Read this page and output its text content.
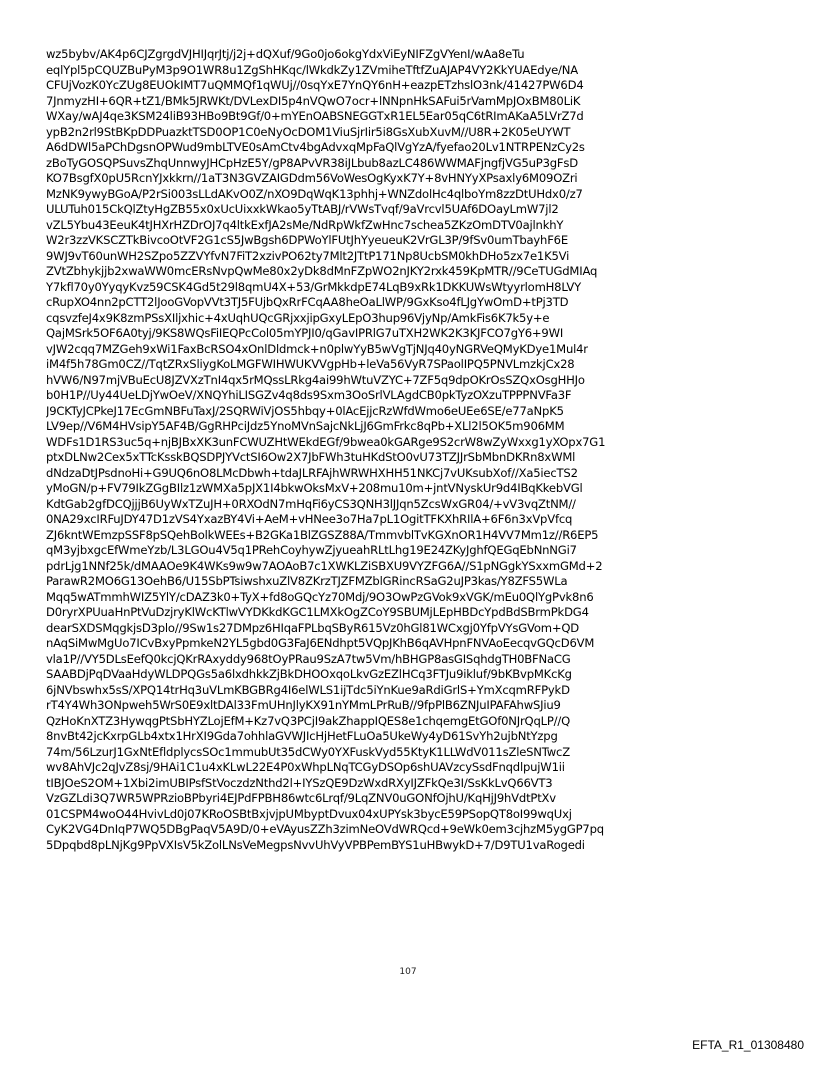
wz5bybv/AK4p6CJZgrgdVJHIJqrJtj/j2j+dQXuf/9Go0jo6okgYdxViEyNIFZgVYenI/wAa8eTu
eqlYpl5pCQUZBuPyM3p9O1WR8u1ZgShHKqc/lWkdkZy1ZVmiheTftfZuAJAP4VY2KkYUAEdye/NA
CFUjVozK0YcZUg8EUOkIMT7uQMMQf1qWUj//0sqYxE7YnQY6nH+eazpETzhslO3nk/41427PW6D4
7JnmyzHI+6QR+tZ1/BMk5JRWKt/DVLexDI5p4nVQwO7ocr+lNNpnHkSAFui5rVamMpJOxBM80LiK
WXay/wAJ4qe3KSM24liB93HBo9Bt9Gf/0+mYEnOABSNEGGTxR1EL5Ear05qC6tRImAKaA5LVrZ7d
ypB2n2rl9StBKpDDPuazktTSD0OP1C0eNyOcDOM1ViuSjrIir5i8GsXubXuvM//U8R+2K05eUYWT
A6dDWl5aPChDgsnOPWud9mbLTVE0sAmCtv4bgAdvxqMpFaQlVgYzA/fyefao20Lv1NTRPENzCy2s
zBoTyGOSQPSuvsZhqUnnwyJHCpHzE5Y/gP8APvVR38iJLbub8azLC486WWMAFjngfjVG5uP3gFsD
KO7BsgfX0pU5RcnYJxkkrn//1aT3N3GVZAIGDdm56VoWesOgKyxK7Y+8vHNYyXPsaxly6M09OZri
MzNK9ywyBGoA/P2rSi003sLLdAKvO0Z/nXO9DqWqK13phhj+WNZdolHc4qlboYm8zzDtUHdx0/z7
ULUTuh015CkQlZtyHgZB55x0xUcUixxkWkao5yTtABJ/rVWsTvqf/9aVrcvl5UAf6DOayLmW7jl2
vZL5Ybu43EeuK4tJHXrHZDrOJ7q4ltkExfJA2sMe/NdRpWkfZwHnc7schea5ZKzOmDTV0ajlnkhY
W2r3zzVKSCZTkBivcoOtVF2G1cS5JwBgsh6DPWoYlFUtJhYyeueuK2VrGL3P/9fSv0umTbayhF6E
9WJ9vT60unWH2SZpo5ZZVYfvN7FiT2xzivPO62ty7Mlt2JTtP171Np8UcbSM0khDHo5zx7e1K5Vi
ZVtZbhykjjb2xwaWW0mcERsNvpQwMe80x2yDk8dMnFZpWO2nJKY2rxk459KpMTR//9CeTUGdMIAq
Y7kfl70y0YyqyKvz59CSK4Gd5t29l8qmU4X+53/GrMkkdpE74LqB9xRk1DKKUWsWtyyrlomH8LVY
cRupXO4nn2pCTT2lJooGVopVVt3TJ5FUjbQxRrFCqAA8heOaLlWP/9GxKso4fLJgYwOmD+tPj3TD
cqsvzfeJ4x9K8zmPSsXIljxhic+4xUqhUQcGRjxxjipGxyLEpO3hup96VjyNp/AmkFis6K7k5y+e
QajMSrk5OF6A0tyj/9KS8WQsFiIEQPcCol05mYPJI0/qGavIPRlG7uTXH2WK2K3KJFCO7gY6+9WI
vJW2cqq7MZGeh9xWi1FaxBcRSO4xOnlDldmck+n0plwYyB5wVgTjNJq40yNGRVeQMyKDye1Mul4r
iM4f5h78Gm0CZ//TqtZRxSliygKoLMGFWIHWUKVVgpHb+leVa56VyR7SPaolIPQ5PNVLmzkjCx28
hVW6/N97mjVBuEcU8JZVXzTnI4qx5rMQssLRkg4ai99hWtuVZYC+7ZF5q9dpOKrOsSZQxOsgHHJo
b0H1P//Uy44UeLDjYwOeV/XNQYhiLISGZv4q8ds9Sxm3OoSrlVLAgdCB0pkTyzOXzuTPPPNVFa3F
J9CKTyJCPkeJ17EcGmNBFuTaxJ/2SQRWiVjOS5hbqy+0lAcEjjcRzWfdWmo6eUEe6SE/e77aNpK5
LV9ep//V6M4HVsipY5AF4B/GgRHPciJdz5YnoMVnSajcNkLjJ6GmFrkc8qPb+XLl2l5OK5m906MM
WDFs1D1RS3uc5q+njBJBxXK3unFCWUZHtWEkdEGf/9bwea0kGARge9S2crW8wZyWxxg1yXOpx7G1
ptxDLNw2Cex5xTTcKsskBQSDPJYVctSI6Ow2X7JbFWh3tuHKdStO0vU73TZJJrSbMbnDKRn8xWMl
dNdzaDtJPsdnoHi+G9UQ6nO8LMcDbwh+tdaJLRFAjhWRWHXHH51NKCj7vUKsubXof//Xa5iecTS2
yMoGN/p+FV79IkZGgBIlz1zWMXa5pJX1I4bkwOksMxV+208mu10m+jntVNyskUr9d4IBqKkebVGl
KdtGab2gfDCQjjjB6UyWxTZuJH+0RXOdN7mHqFi6yCS3QNH3lJJqn5ZcsWxGR04/+vV3vqZtNM//
0NA29xcIRFuJDY47D1zVS4YxazBY4Vi+AeM+vHNee3o7Ha7pL1OgitTFKXhRIlA+6F6n3xVpVfcq
ZJ6kntWEmzpSSF8pSQehBolkWEEs+B2GKa1BlZGSZ88A/TmmvblTvKGXnOR1H4VV7Mm1z//R6EP5
qM3yjbxgcEfWmeYzb/L3LGOu4V5q1PRehCoyhywZjyueahRLtLhg19E24ZKyJghfQEGqEbNnNGi7
pdrLjg1NNf25k/dMAAOe9K4WKs9w9w7AOAoB7c1XWKLZiSBXU9VYZFG6A//S1pNGgkYSxxmGMd+2
ParawR2MO6G13OehB6/U15SbPTsiwshxuZlV8ZKrzTJZFMZblGRincRSaG2uJP3kas/Y8ZFS5WLa
Mqq5wATmmhWIZ5YlY/cDAZ3k0+TyX+fd8oGQcYz70Mdj/9O3OwPzGVok9xVGK/mEu0QlYgPvk8n6
D0ryrXPUuaHnPtVuDzjryKlWcKTlwVYDKkdKGC1LMXkOgZCoY9SBUMjLEpHBDcYpdBdSBrmPkDG4
dearSXDSMqgkjsD3plo//9Sw1s27DMpz6HIqaFPLbqSByR615Vz0hGl81WCxgj0YfpVYsGVom+QD
nAqSiMwMgUo7ICvBxyPpmkeN2YL5gbd0G3FaJ6ENdhpt5VQpJKhB6qAVHpnFNVAoEecqvGQcD6VM
vla1P//VY5DLsEefQ0kcjQKrRAxyddy968tOyPRau9SzA7tw5Vm/hBHGP8asGISqhdgTH0BFNaCG
SAABDjPqDVaaHdyWLDPQGs5a6lxdhkkZjBkDHOOxqoLkvGzEZlHCq3FTJu9ikluf/9bKBvpMKcKg
6jNVbswhx5sS/XPQ14trHq3uVLmKBGBRg4I6elWLS1ijTdc5iYnKue9aRdiGrlS+YmXcqmRFPykD
rT4Y4Wh3ONpweh5WrS0E9xltDAl33FmUHnJlyKX91nYMmLPrRuB//9fpPlB6ZNJuIPAFAhwSJiu9
QzHoKnXTZ3HywqgPtSbHYZLojEfM+Kz7vQ3PCjI9akZhappIQES8e1chqemgEtGOf0NJrQqLP//Q
8nvBt42jcKxrpGLb4xtx1HrXI9Gda7ohhlaGVWJIcHjHetFLuOa5UkeWy4yD61SvYh2ujbNtYzpg
74m/56LzurJ1GxNtEfldplycsSOc1mmubUt35dCWy0YXFuskVyd55KtyK1LLWdV011sZleSNTwcZ
wv8AhVJc2qJvZ8sj/9HAi1C1u4xKLwL22E4P0xWhpLNqTCGyDSOp6shUAVzcySsdFnqdlpujW1ii
tIBJOeS2OM+1Xbi2imUBIPsfStVoczdzNthd2l+IYSzQE9DzWxdRXyIJZFkQe3I/SsKkLvQ66VT3
VzGZLdi3Q7WR5WPRzioBPbyri4EJPdFPBH86wtc6Lrqf/9LqZNV0uGONfOjhU/KqHjJ9hVdtPtXv
01CSPM4woO44HvivLd0j07KRoOSBtBxjvjpUMbyptDvux04xUPYsk3bycE59PSopQT8oI99wqUxj
CyK2VG4DnIqP7WQ5DBgPaqV5A9D/0+eVAyusZZh3zimNeOVdWRQcd+9eWk0em3cjhzM5ygGP7pq
5Dpqbd8pLNjKg9PpVXIsV5kZolLNsVeMegpsNvvUhVyVPBPemBYS1uHBwykD+7/D9TU1vaRogedi
107
EFTA_R1_01308480
